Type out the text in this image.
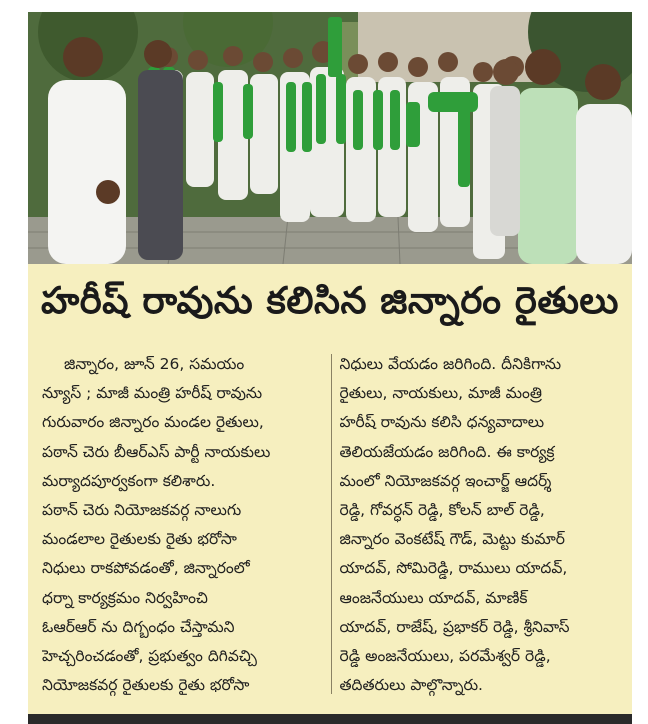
హరీష్ రావును కలిసిన జిన్నారం రైతులు

జిన్నారం, జూన్ 26, సమయం
న్యూస్ ; మాజీ మంత్రి హరీష్ రావును
గురువారం జిన్నారం మండల రైతులు,
పఠాన్ చెరు బీఆర్ఎస్ పార్టీ నాయకులు
మర్యాదపూర్వకంగా కలిశారు.
పఠాన్ చెరు నియోజకవర్గ నాలుగు
మండలాల రైతులకు రైతు భరోసా
నిధులు రాకపోవడంతో, జిన్నారంలో
ధర్నా కార్యక్రమం నిర్వహించి
ఓఆర్ఆర్ ను దిగ్బంధం చేస్తామని
హెచ్చరించడంతో, ప్రభుత్వం దిగివచ్చి
నియోజకవర్గ రైతులకు రైతు భరోసా

నిధులు వేయడం జరిగింది. దీనికిగాను
రైతులు, నాయకులు, మాజీ మంత్రి
హరీష్ రావును కలిసి ధన్యవాదాలు
తెలియజేయడం జరిగింది. ఈ కార్యక్ర
మంలో నియోజకవర్గ ఇంచార్జ్ ఆదర్శ్
రెడ్డి, గోవర్ధన్ రెడ్డి, కోలన్ బాల్ రెడ్డి,
జిన్నారం వెంకటేష్ గౌడ్, మెట్టు కుమార్
యాదవ్, సోమిరెడ్డి, రాములు యాదవ్,
ఆంజనేయులు యాదవ్, మాణిక్
యాదవ్, రాజేష్, ప్రభాకర్ రెడ్డి, శ్రీనివాస్
రెడ్డి అంజనేయులు, పరమేశ్వర్ రెడ్డి,
తదితరులు పాల్గొన్నారు.
